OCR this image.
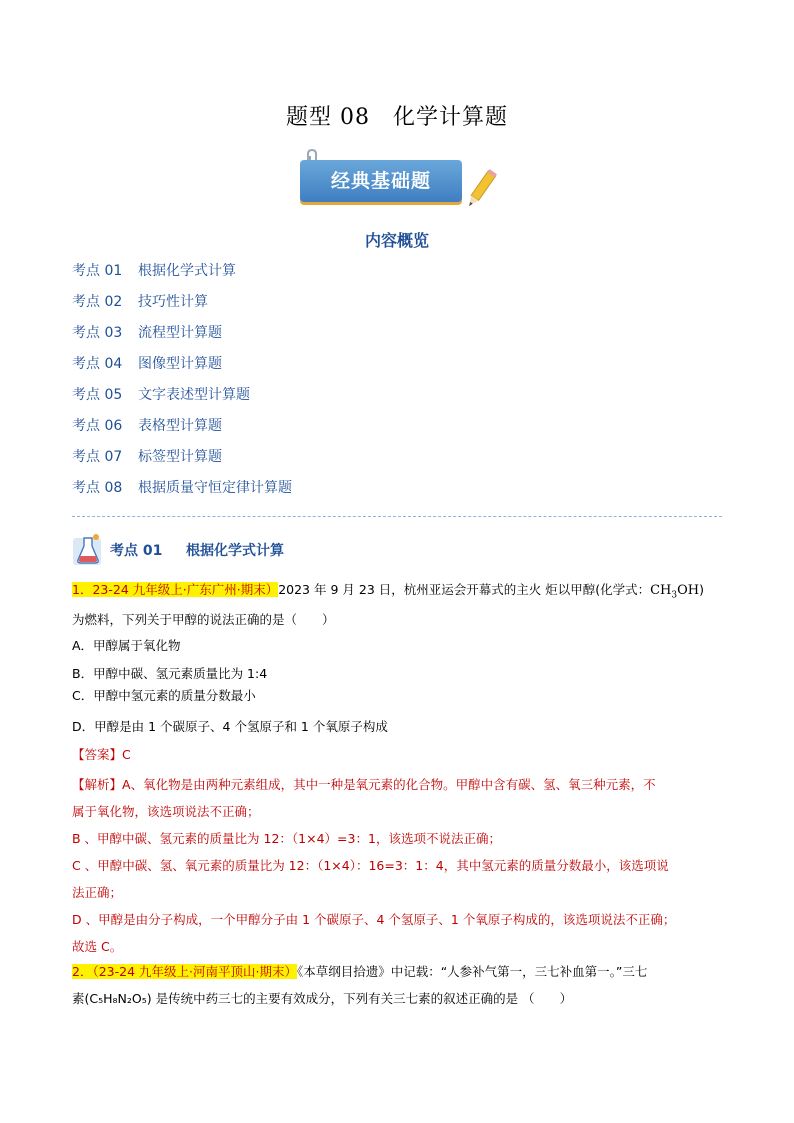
题型 08　化学计算题
经典基础题
内容概览
考点 01 根据化学式计算
考点 02 技巧性计算
考点 03 流程型计算题
考点 04 图像型计算题
考点 05 文字表述型计算题
考点 06 表格型计算题
考点 07 标签型计算题
考点 08 根据质量守恒定律计算题
考点 01 根据化学式计算
1．23-24 九年级上·广东广州·期末）2023 年 9 月 23 日，杭州亚运会开幕式的主火 炬以甲醇(化学式：$CH_3OH$)
为燃料，下列关于甲醇的说法正确的是（　　）
A．甲醇属于氧化物
B．甲醇中碳、氢元素质量比为 1:4
C．甲醇中氢元素的质量分数最小
D．甲醇是由 1 个碳原子、4 个氢原子和 1 个氧原子构成
【答案】C
【解析】A、氧化物是由两种元素组成，其中一种是氧元素的化合物。甲醇中含有碳、氢、氧三种元素，不
属于氧化物，该选项说法不正确；
B 、甲醇中碳、氢元素的质量比为 12：（1×4）=3：1，该选项不说法正确；
C 、甲醇中碳、氢、氧元素的质量比为 12：（1×4）：16=3：1：4，其中氢元素的质量分数最小，该选项说
法正确；
D 、甲醇是由分子构成，一个甲醇分子由 1 个碳原子、4 个氢原子、1 个氧原子构成的，该选项说法不正确；
故选 C。
2．（23-24 九年级上·河南平顶山·期末）《本草纲目拾遗》中记载：“人参补气第一，三七补血第一。”三七
素(C₅H₈N₂O₅) 是传统中药三七的主要有效成分，下列有关三七素的叙述正确的是 （　　）
